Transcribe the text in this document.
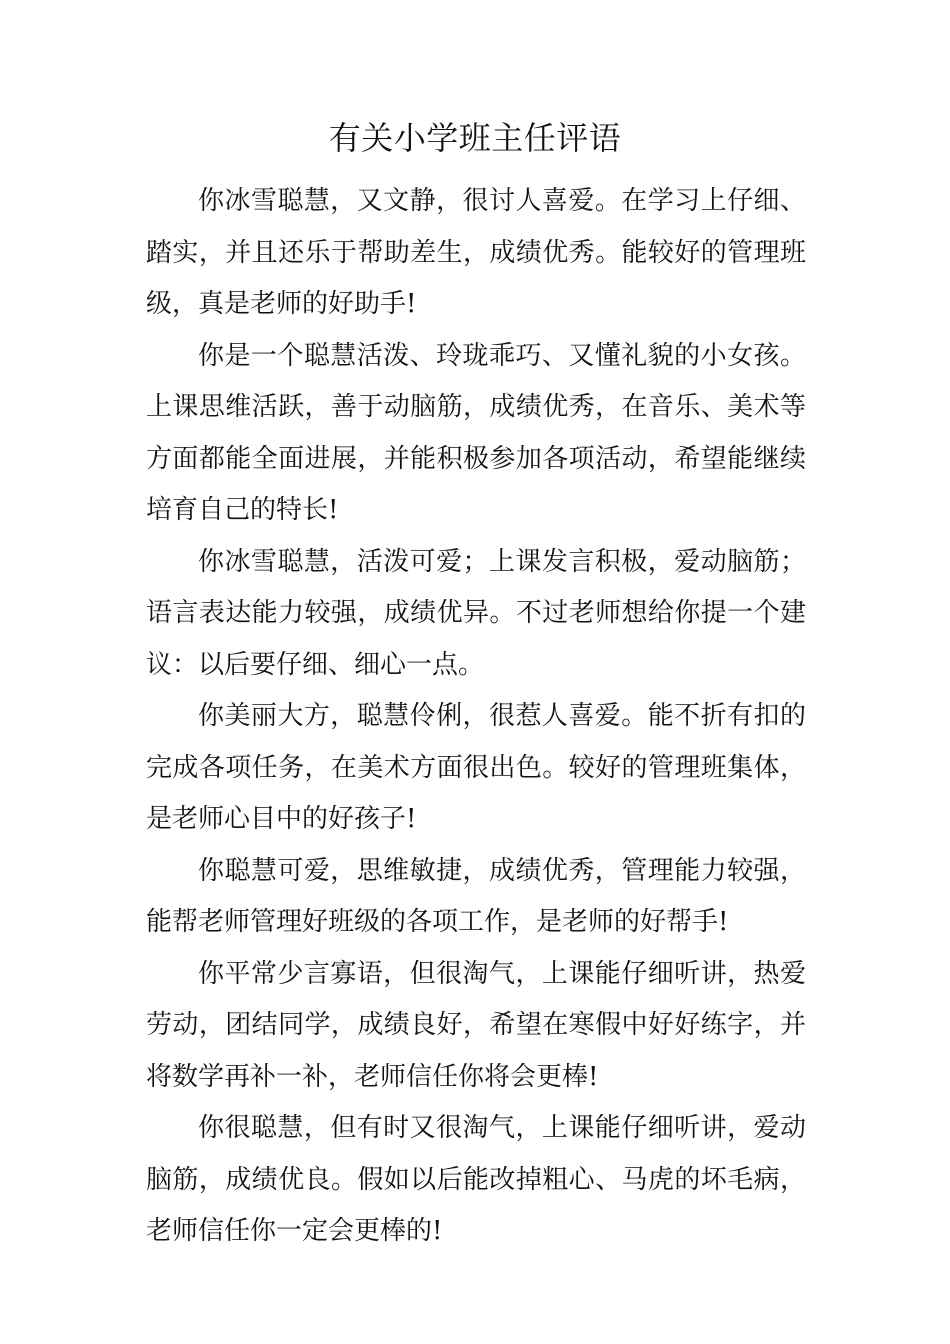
有关小学班主任评语

你冰雪聪慧，又文静，很讨人喜爱。在学习上仔细、踏实，并且还乐于帮助差生，成绩优秀。能较好的管理班级，真是老师的好助手!

你是一个聪慧活泼、玲珑乖巧、又懂礼貌的小女孩。上课思维活跃，善于动脑筋，成绩优秀，在音乐、美术等方面都能全面进展，并能积极参加各项活动，希望能继续培育自己的特长!

你冰雪聪慧，活泼可爱；上课发言积极，爱动脑筋；语言表达能力较强，成绩优异。不过老师想给你提一个建议：以后要仔细、细心一点。

你美丽大方，聪慧伶俐，很惹人喜爱。能不折有扣的完成各项任务，在美术方面很出色。较好的管理班集体，是老师心目中的好孩子!

你聪慧可爱，思维敏捷，成绩优秀，管理能力较强，能帮老师管理好班级的各项工作，是老师的好帮手!

你平常少言寡语，但很淘气，上课能仔细听讲，热爱劳动，团结同学，成绩良好，希望在寒假中好好练字，并将数学再补一补，老师信任你将会更棒!

你很聪慧，但有时又很淘气，上课能仔细听讲，爱动脑筋，成绩优良。假如以后能改掉粗心、马虎的坏毛病，老师信任你一定会更棒的!
